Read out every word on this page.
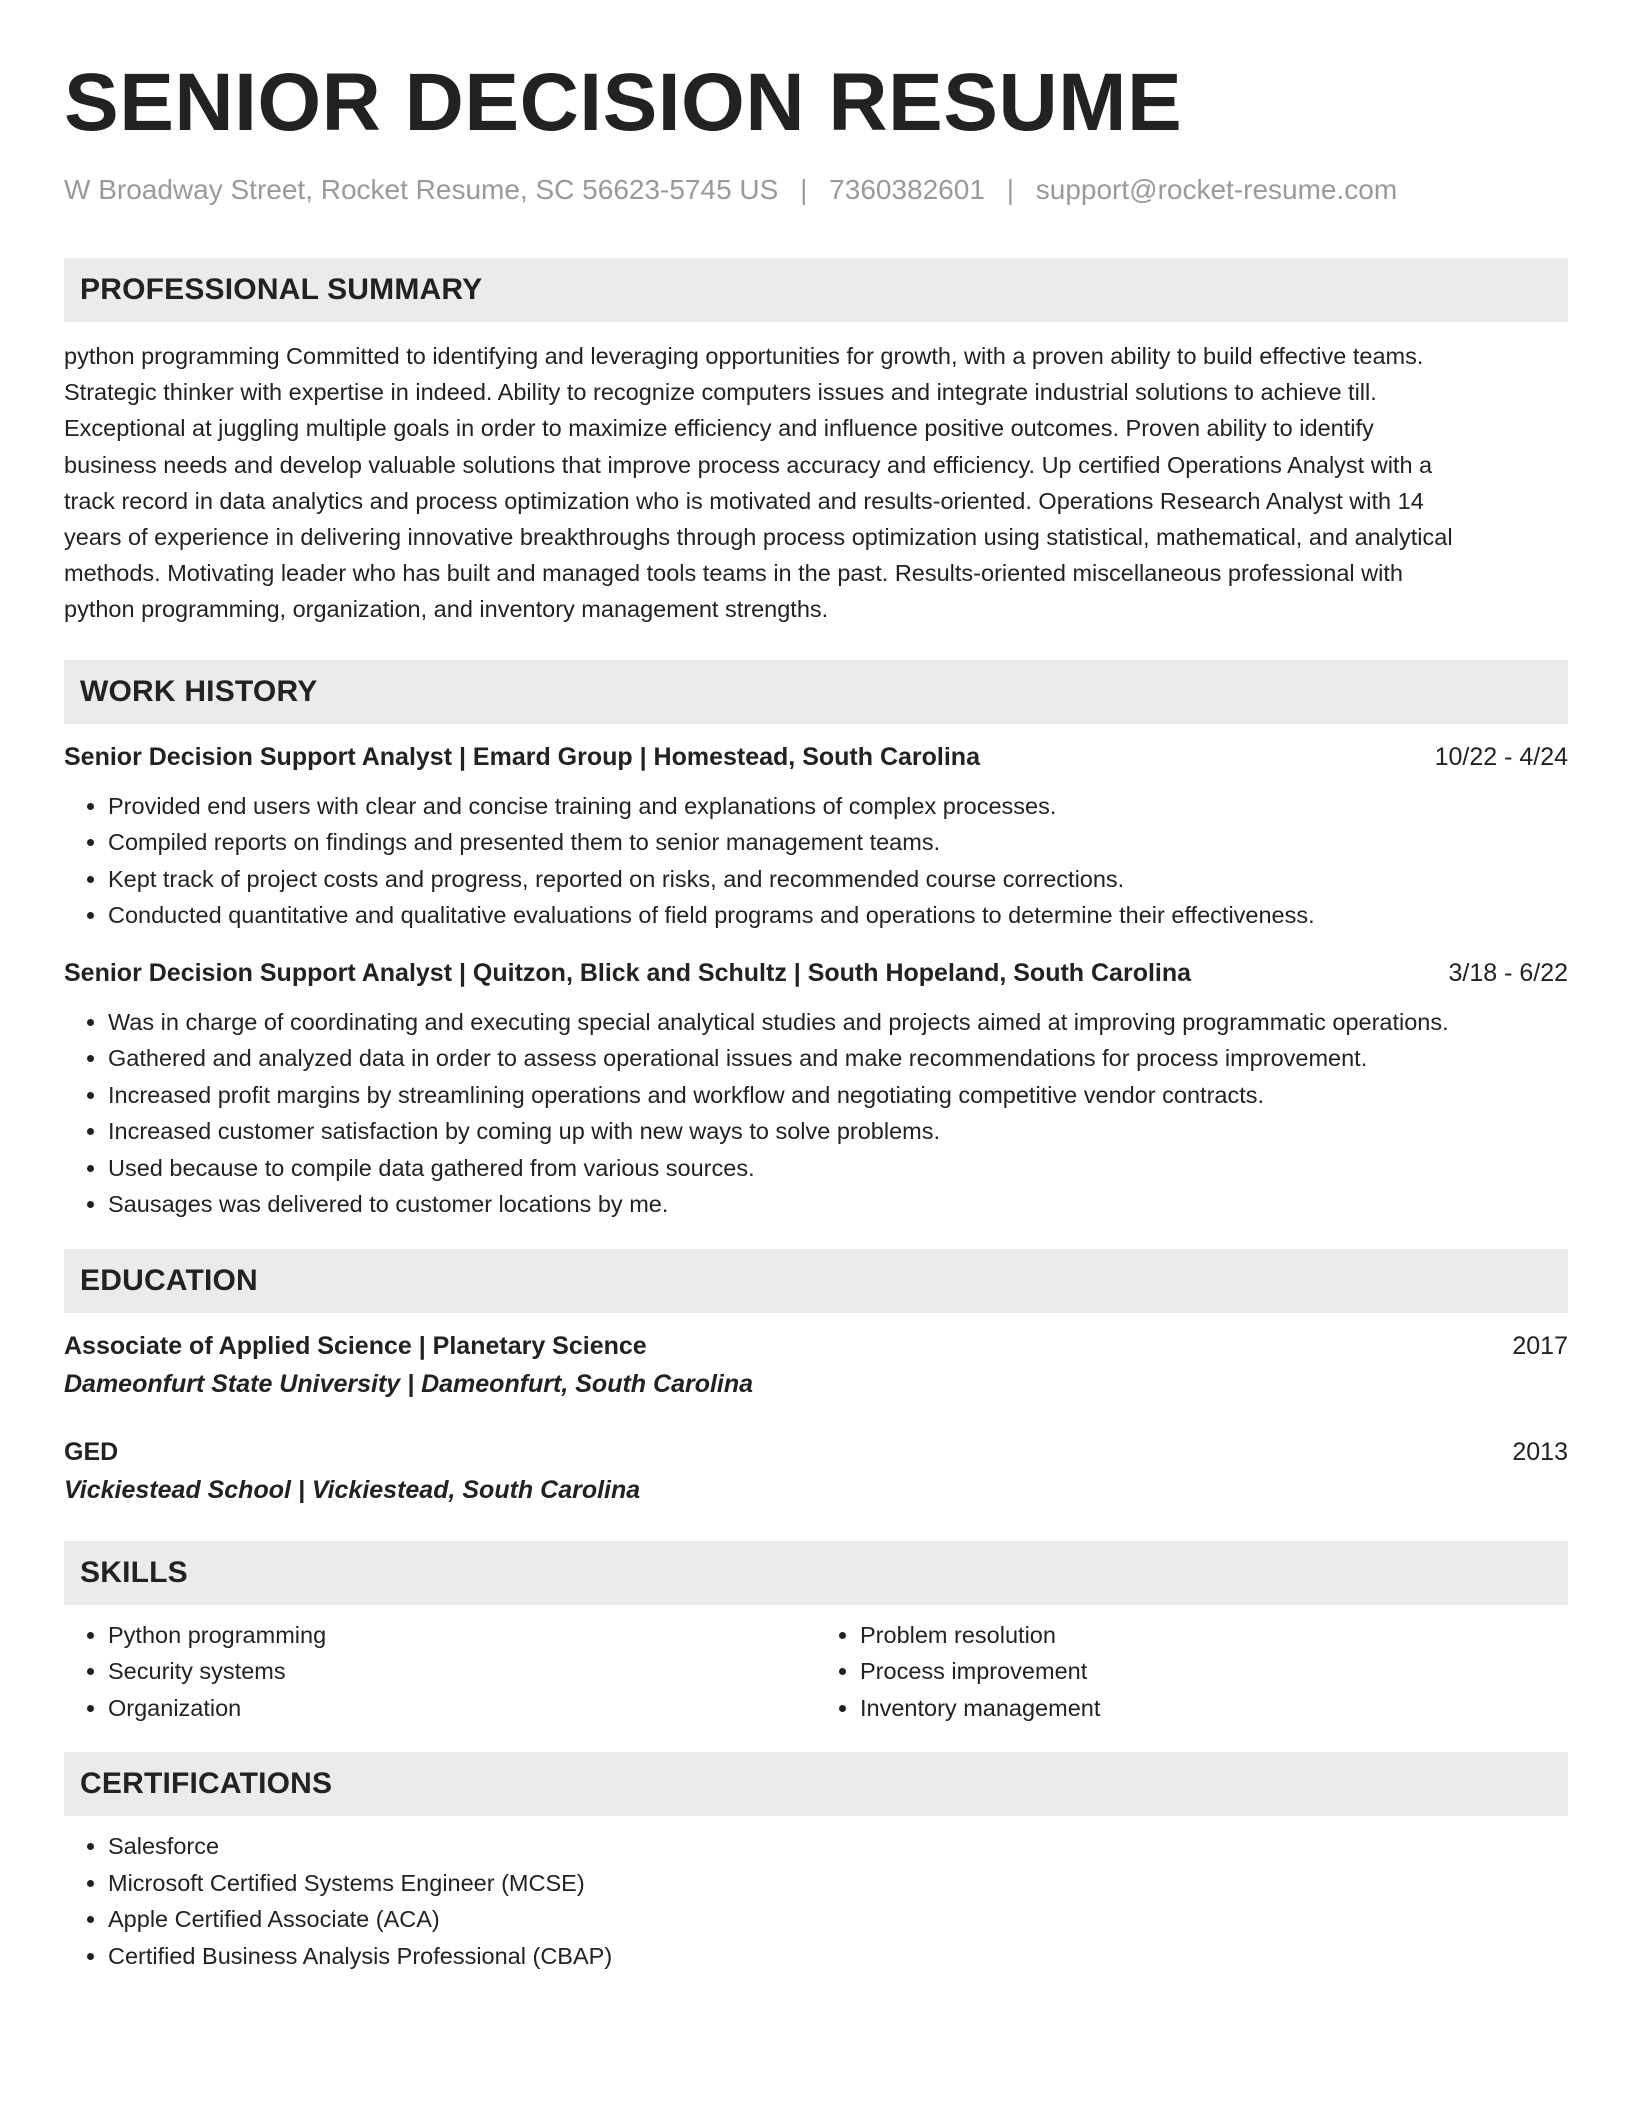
SENIOR DECISION RESUME
W Broadway Street, Rocket Resume, SC 56623-5745 US | 7360382601 | support@rocket-resume.com
PROFESSIONAL SUMMARY
python programming Committed to identifying and leveraging opportunities for growth, with a proven ability to build effective teams.
Strategic thinker with expertise in indeed. Ability to recognize computers issues and integrate industrial solutions to achieve till.
Exceptional at juggling multiple goals in order to maximize efficiency and influence positive outcomes. Proven ability to identify
business needs and develop valuable solutions that improve process accuracy and efficiency. Up certified Operations Analyst with a
track record in data analytics and process optimization who is motivated and results-oriented. Operations Research Analyst with 14
years of experience in delivering innovative breakthroughs through process optimization using statistical, mathematical, and analytical
methods. Motivating leader who has built and managed tools teams in the past. Results-oriented miscellaneous professional with
python programming, organization, and inventory management strengths.
WORK HISTORY
Senior Decision Support Analyst | Emard Group | Homestead, South Carolina	10/22 - 4/24
• Provided end users with clear and concise training and explanations of complex processes.
• Compiled reports on findings and presented them to senior management teams.
• Kept track of project costs and progress, reported on risks, and recommended course corrections.
• Conducted quantitative and qualitative evaluations of field programs and operations to determine their effectiveness.
Senior Decision Support Analyst | Quitzon, Blick and Schultz | South Hopeland, South Carolina	3/18 - 6/22
• Was in charge of coordinating and executing special analytical studies and projects aimed at improving programmatic operations.
• Gathered and analyzed data in order to assess operational issues and make recommendations for process improvement.
• Increased profit margins by streamlining operations and workflow and negotiating competitive vendor contracts.
• Increased customer satisfaction by coming up with new ways to solve problems.
• Used because to compile data gathered from various sources.
• Sausages was delivered to customer locations by me.
EDUCATION
Associate of Applied Science | Planetary Science	2017
Dameonfurt State University | Dameonfurt, South Carolina
GED	2013
Vickiestead School | Vickiestead, South Carolina
SKILLS
• Python programming
• Security systems
• Organization
• Problem resolution
• Process improvement
• Inventory management
CERTIFICATIONS
• Salesforce
• Microsoft Certified Systems Engineer (MCSE)
• Apple Certified Associate (ACA)
• Certified Business Analysis Professional (CBAP)
